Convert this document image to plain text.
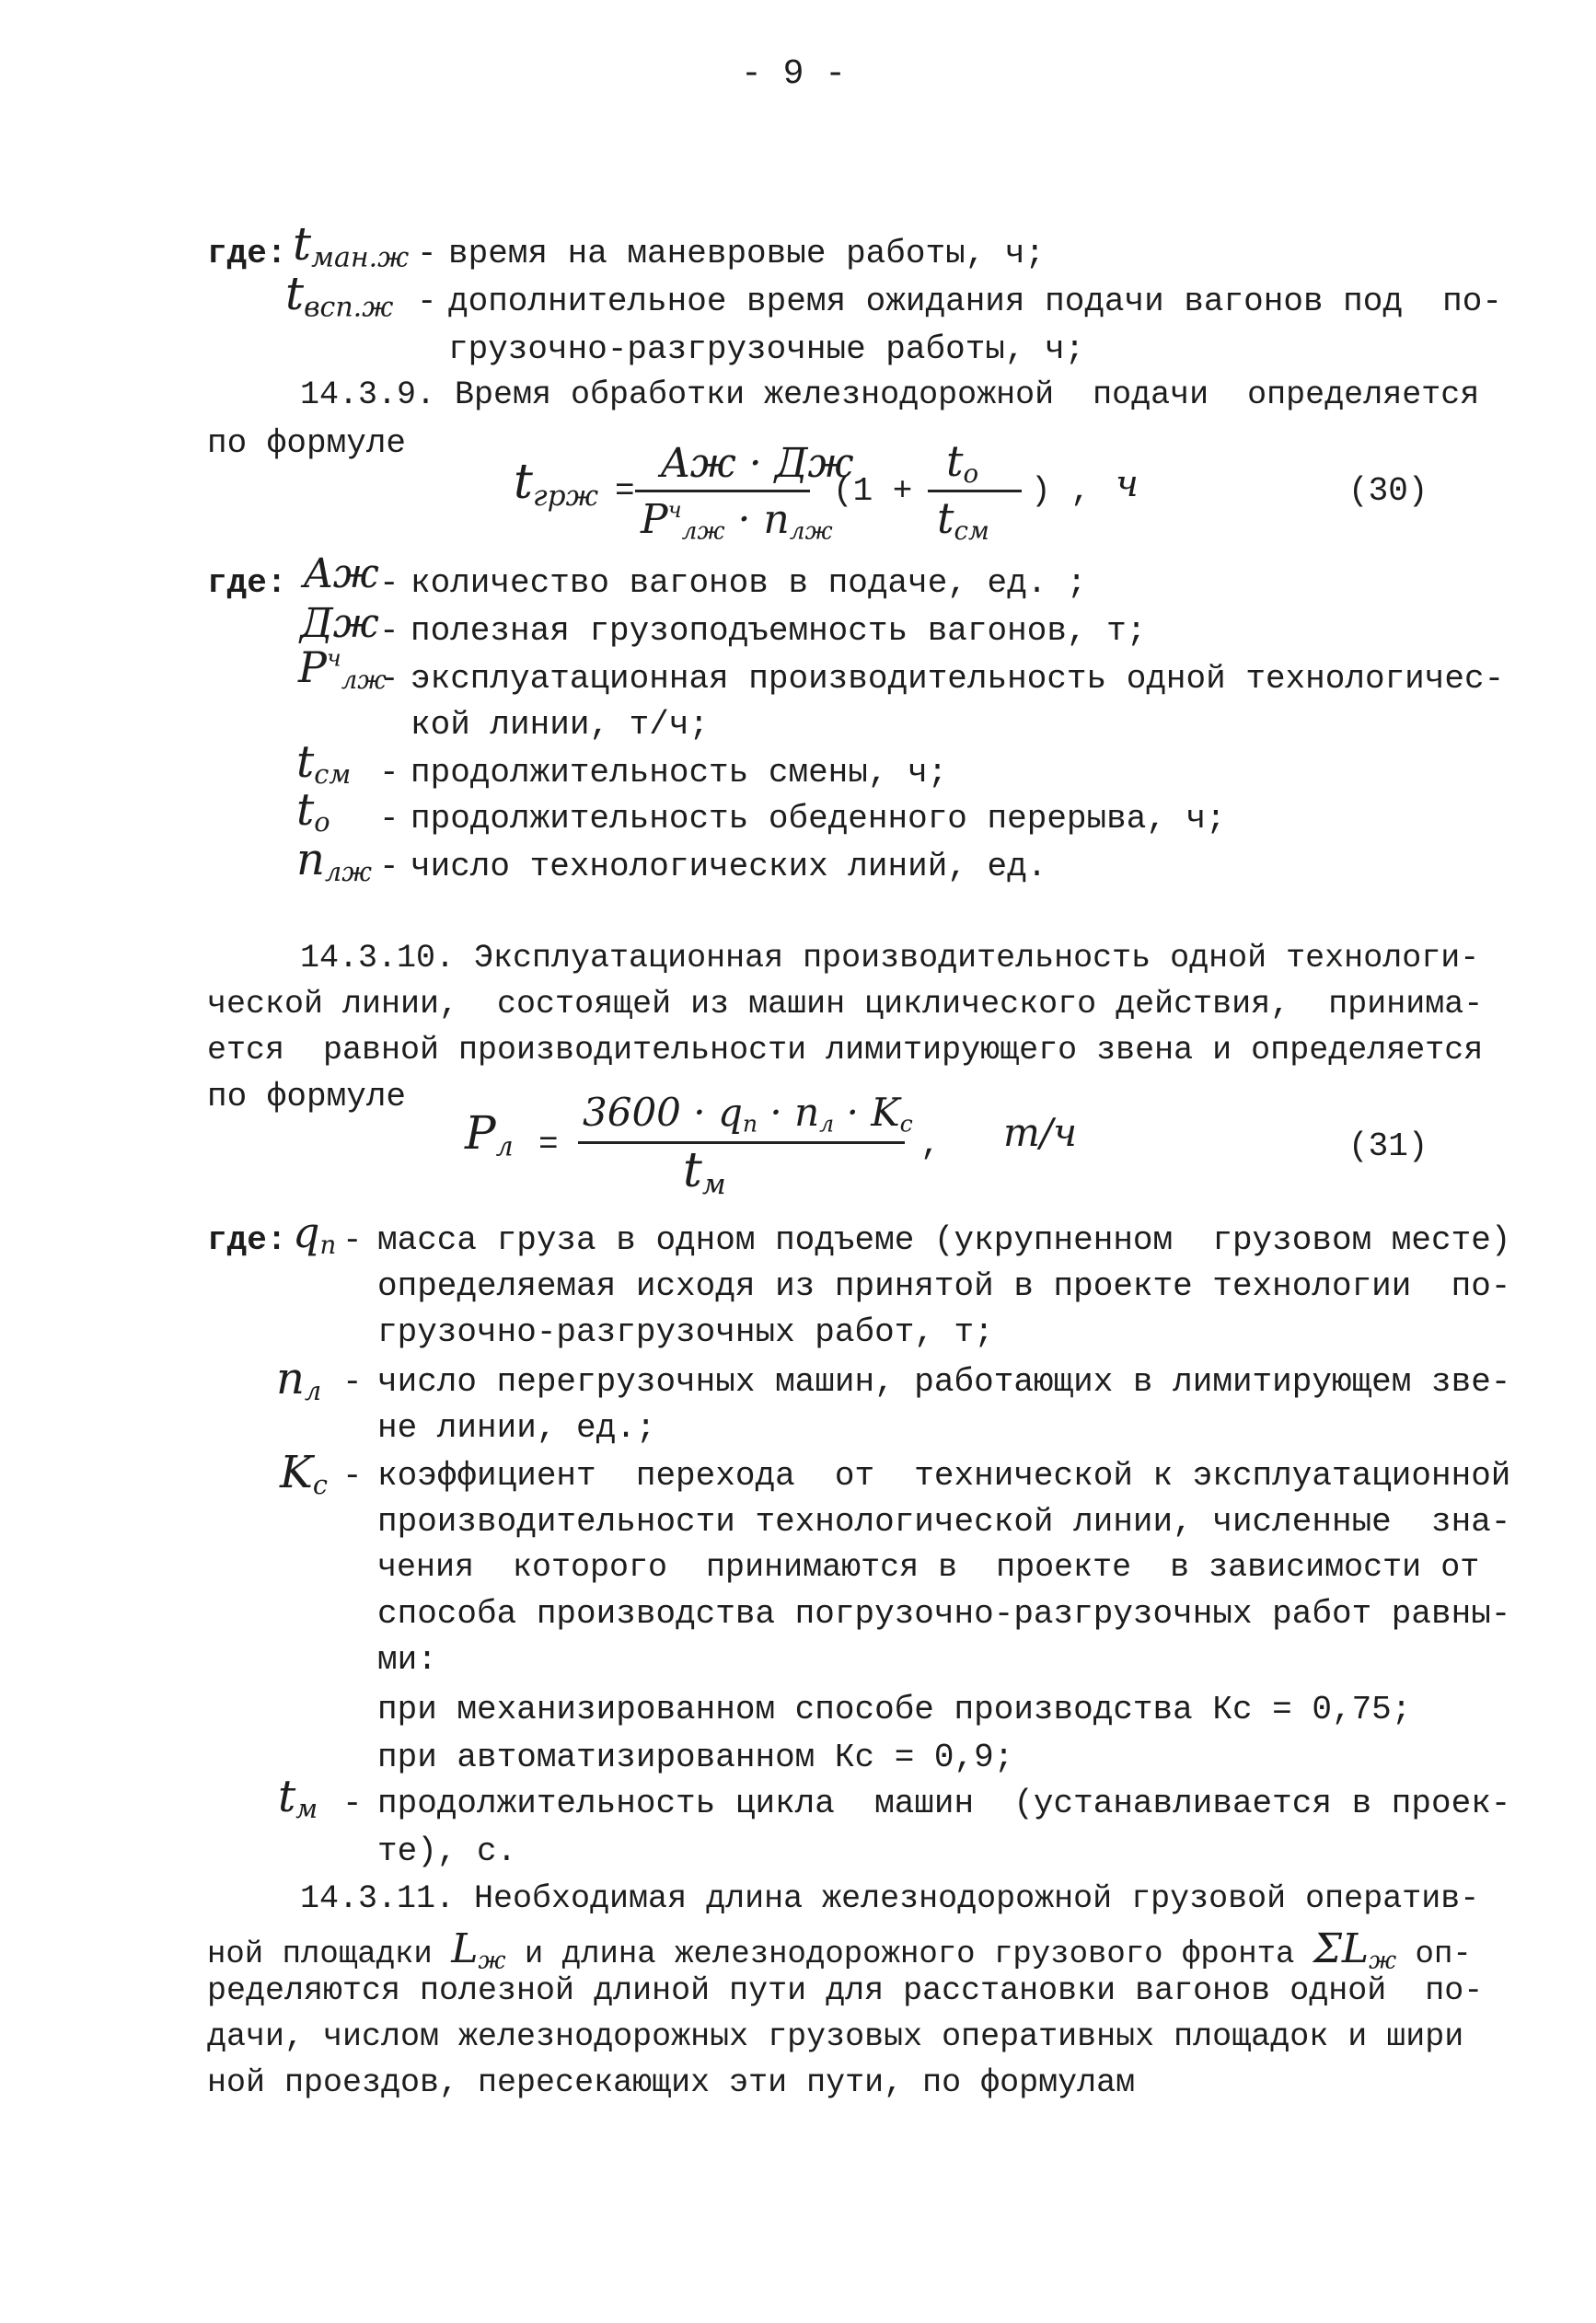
- 9 -
где: $t_{ман.ж}$ - время на маневровые работы, ч;
$t_{всп.ж}$ - дополнительное время ожидания подачи вагонов под  по-
грузочно-разгрузочные работы, ч;
14.3.9. Время обработки железнодорожной  подачи  определяется
по формуле
$t_{грж}$ =
Aж · Дж
$P^ч_{лж} \cdot n_{лж}$
(1 +
$t_o$
$t_{см}$
) , ч	(30)
где: Aж - количество вагонов в подаче, ед. ;
Дж - полезная грузоподъемность вагонов, т;
$P^ч_{лж}$
- эксплуатационная производительность одной технологичес-
кой линии, т/ч;
$t_{см}$ - продолжительность смены, ч;
$t_o$ - продолжительность обеденного перерыва, ч;
$n_{лж}$ - число технологических линий, ед.
14.3.10. Эксплуатационная производительность одной технологи-
ческой линии,  состоящей из машин циклического действия,  принима-
ется  равной производительности лимитирующего звена и определяется
по формуле
$P_л$ =
$3600 \cdot q_п \cdot n_л \cdot K_c$
$t_м$
, т/ч	(31)
где: $q_п$ - масса груза в одном подъеме (укрупненном  грузовом месте)
определяемая исходя из принятой в проекте технологии  по-
грузочно-разгрузочных работ, т;
$n_л$ - число перегрузочных машин, работающих в лимитирующем зве-
не линии, ед.;
$K_c$ - коэффициент  перехода  от  технической к эксплуатационной
производительности технологической линии, численные  зна-
чения  которого  принимаются в  проекте  в зависимости от
способа производства погрузочно-разгрузочных работ равны-
ми:
при механизированном способе производства Кс = 0,75;
при автоматизированном Кс = 0,9;
$t_м$ - продолжительность цикла  машин  (устанавливается в проек-
те), с.
14.3.11. Необходимая длина железнодорожной грузовой оператив-
ной площадки $L_ж$ и длина железнодорожного грузового фронта $\Sigma L_ж$ оп-
ределяются полезной длиной пути для расстановки вагонов одной  по-
дачи, числом железнодорожных грузовых оперативных площадок и шири
ной проездов, пересекающих эти пути, по формулам
